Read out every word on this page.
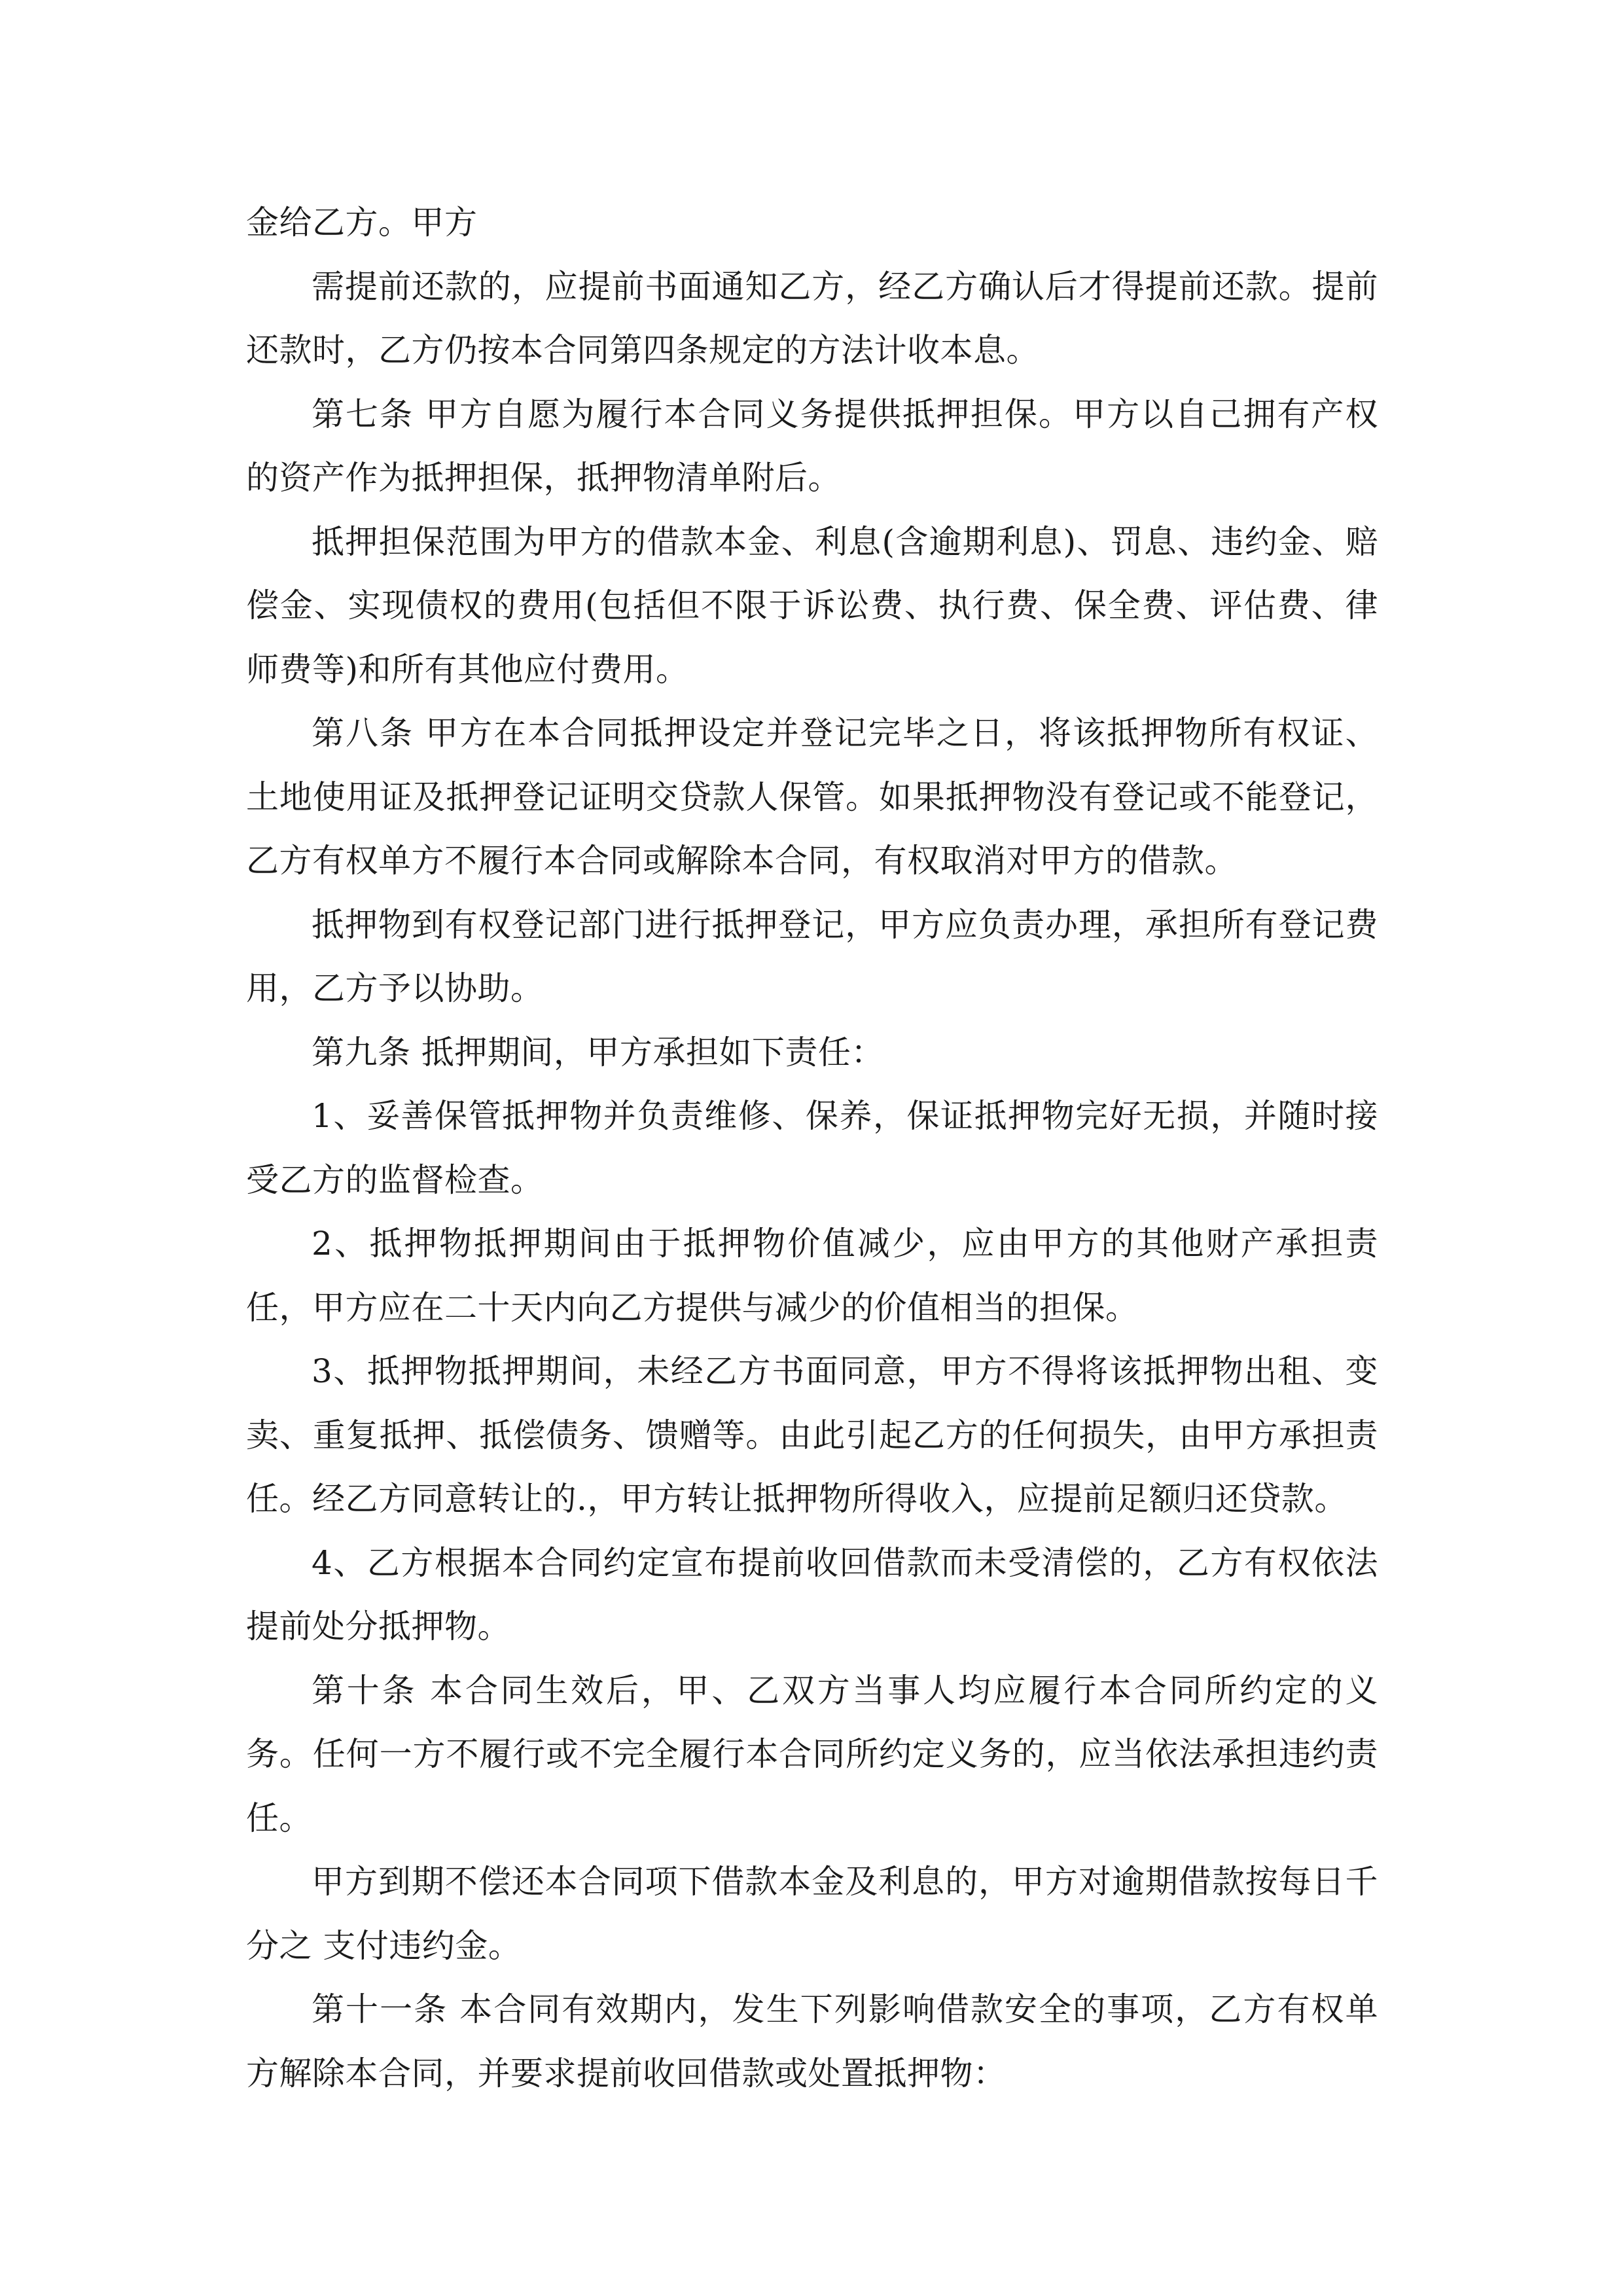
金给乙方。甲方

需提前还款的，应提前书面通知乙方，经乙方确认后才得提前还款。提前还款时，乙方仍按本合同第四条规定的方法计收本息。

第七条 甲方自愿为履行本合同义务提供抵押担保。甲方以自己拥有产权的资产作为抵押担保，抵押物清单附后。

抵押担保范围为甲方的借款本金、利息(含逾期利息)、罚息、违约金、赔偿金、实现债权的费用(包括但不限于诉讼费、执行费、保全费、评估费、律师费等)和所有其他应付费用。

第八条 甲方在本合同抵押设定并登记完毕之日，将该抵押物所有权证、土地使用证及抵押登记证明交贷款人保管。如果抵押物没有登记或不能登记，乙方有权单方不履行本合同或解除本合同，有权取消对甲方的借款。

抵押物到有权登记部门进行抵押登记，甲方应负责办理，承担所有登记费用，乙方予以协助。

第九条 抵押期间，甲方承担如下责任：

1、妥善保管抵押物并负责维修、保养，保证抵押物完好无损，并随时接受乙方的监督检查。

2、抵押物抵押期间由于抵押物价值减少，应由甲方的其他财产承担责任，甲方应在二十天内向乙方提供与减少的价值相当的担保。

3、抵押物抵押期间，未经乙方书面同意，甲方不得将该抵押物出租、变卖、重复抵押、抵偿债务、馈赠等。由此引起乙方的任何损失，由甲方承担责任。经乙方同意转让的.，甲方转让抵押物所得收入，应提前足额归还贷款。

4、乙方根据本合同约定宣布提前收回借款而未受清偿的，乙方有权依法提前处分抵押物。

第十条 本合同生效后，甲、乙双方当事人均应履行本合同所约定的义务。任何一方不履行或不完全履行本合同所约定义务的，应当依法承担违约责任。

甲方到期不偿还本合同项下借款本金及利息的，甲方对逾期借款按每日千分之 支付违约金。

第十一条 本合同有效期内，发生下列影响借款安全的事项，乙方有权单方解除本合同，并要求提前收回借款或处置抵押物：
